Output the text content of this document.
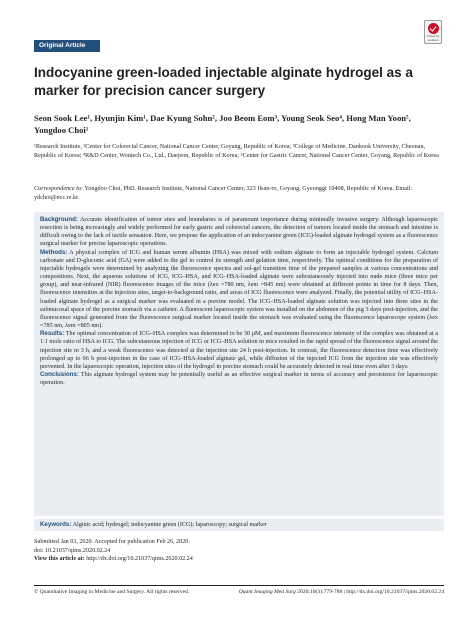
Original Article
Check for updates
Indocyanine green-loaded injectable alginate hydrogel as a marker for precision cancer surgery
Seon Sook Lee¹, Hyunjin Kim¹, Dae Kyung Sohn², Joo Beom Eom³, Young Seok Seo⁴, Hong Man Yoon⁵, Yongdoo Choi¹
¹Research Institute, ²Center for Colorectal Cancer, National Cancer Center, Goyang, Republic of Korea; ³College of Medicine, Dankook University, Cheonan, Republic of Korea; ⁴R&D Center, Wontech Co., Ltd., Daejeon, Republic of Korea; ⁵Center for Gastric Cancer, National Cancer Center, Goyang, Republic of Korea
Correspondence to: Yongdoo Choi, PhD. Research Institute, National Cancer Center, 323 Ilsan-ro, Goyang, Gyeonggi 10408, Republic of Korea. Email: ydchoi@ncc.re.kr.

Background: Accurate identification of tumor sites and boundaries is of paramount importance during minimally invasive surgery. Although laparoscopic resection is being increasingly and widely performed for early gastric and colorectal cancers, the detection of tumors located inside the stomach and intestine is difficult owing to the lack of tactile sensation. Here, we propose the application of an indocyanine green (ICG)-loaded alginate hydrogel system as a fluorescence surgical marker for precise laparoscopic operations.

Methods: A physical complex of ICG and human serum albumin (HSA) was mixed with sodium alginate to form an injectable hydrogel system. Calcium carbonate and D-gluconic acid (GA) were added to the gel to control its strength and gelation time, respectively. The optimal conditions for the preparation of injectable hydrogels were determined by analyzing the fluorescence spectra and sol-gel transition time of the prepared samples at various concentrations and compositions. Next, the aqueous solutions of ICG, ICG–HSA, and ICG–HSA-loaded alginate were subcutaneously injected into nude mice (three mice per group), and near-infrared (NIR) fluorescence images of the mice (λex =780 nm, λem =845 nm) were obtained at different points in time for 8 days. Then, fluorescence intensities at the injection sites, target-to-background ratio, and areas of ICG fluorescence were analyzed. Finally, the potential utility of ICG–HSA-loaded alginate hydrogel as a surgical marker was evaluated in a porcine model. The ICG–HSA-loaded alginate solution was injected into three sites in the submucosal space of the porcine stomach via a catheter. A fluorescent laparoscopic system was installed on the abdomen of the pig 3 days post-injection, and the fluorescence signal generated from the fluorescence surgical marker located inside the stomach was evaluated using the fluorescence laparoscope system (λex =785 nm, λem =805 nm).

Results: The optimal concentration of ICG–HSA complex was determined to be 30 μM, and maximum fluorescence intensity of the complex was obtained at a 1:1 mole ratio of HSA to ICG. The subcutaneous injection of ICG or ICG–HSA solution in mice resulted in the rapid spread of the fluorescence signal around the injection site in 3 h, and a weak fluorescence was detected at the injection site 24 h post-injection. In contrast, the fluorescence detection time was effectively prolonged up to 96 h post-injection in the case of ICG–HSA-loaded alginate gel, while diffusion of the injected ICG from the injection site was effectively prevented. In the laparoscopic operation, injection sites of the hydrogel in porcine stomach could be accurately detected in real time even after 3 days.

Conclusions: This alginate hydrogel system may be potentially useful as an effective surgical marker in terms of accuracy and persistence for laparoscopic operation.

Keywords: Alginic acid; hydrogel; indocyanine green (ICG); laparoscopy; surgical marker
Submitted Jan 03, 2020. Accepted for publication Feb 26, 2020.
doi: 10.21037/qims.2020.02.24
View this article at: http://dx.doi.org/10.21037/qims.2020.02.24
© Quantitative Imaging in Medicine and Surgery. All rights reserved.	Quant Imaging Med Surg 2020;10(3):779-788 | http://dx.doi.org/10.21037/qims.2020.02.24
